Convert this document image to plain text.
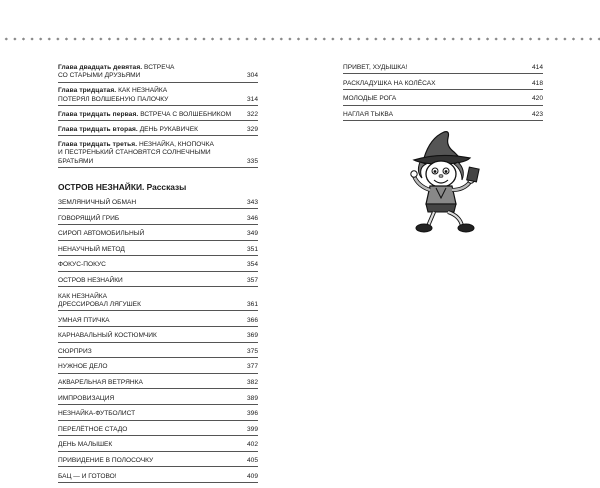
Глава двадцать девятая. ВСТРЕЧА
СО СТАРЫМИ ДРУЗЬЯМИ	304
Глава тридцатая. КАК НЕЗНАЙКА
ПОТЕРЯЛ ВОЛШЕБНУЮ ПАЛОЧКУ	314
Глава тридцать первая. ВСТРЕЧА С ВОЛШЕБНИКОМ	322
Глава тридцать вторая. ДЕНЬ РУКАВИЧЕК	329
Глава тридцать третья. НЕЗНАЙКА, КНОПОЧКА
И ПЕСТРЕНЬКИЙ СТАНОВЯТСЯ СОЛНЕЧНЫМИ БРАТЬЯМИ	335
ОСТРОВ НЕЗНАЙКИ. Рассказы
ЗЕМЛЯНИЧНЫЙ ОБМАН	343
ГОВОРЯЩИЙ ГРИБ	346
СИРОП АВТОМОБИЛЬНЫЙ	349
НЕНАУЧНЫЙ МЕТОД	351
ФОКУС-ПОКУС	354
ОСТРОВ НЕЗНАЙКИ	357
КАК НЕЗНАЙКА
ДРЕССИРОВАЛ ЛЯГУШЕК	361
УМНАЯ ПТИЧКА	366
КАРНАВАЛЬНЫЙ КОСТЮМЧИК	369
СЮРПРИЗ	375
НУЖНОЕ ДЕЛО	377
АКВАРЕЛЬНАЯ ВЕТРЯНКА	382
ИМПРОВИЗАЦИЯ	389
НЕЗНАЙКА-ФУТБОЛИСТ	396
ПЕРЕЛЁТНОЕ СТАДО	399
ДЕНЬ МАЛЫШЕК	402
ПРИВИДЕНИЕ В ПОЛОСОЧКУ	405
БАЦ — И ГОТОВО!	409
ПРИВЕТ, ХУДЫШКА!	414
РАСКЛАДУШКА НА КОЛЁСАХ	418
МОЛОДЫЕ РОГА	420
НАГЛАЯ ТЫКВА	423
